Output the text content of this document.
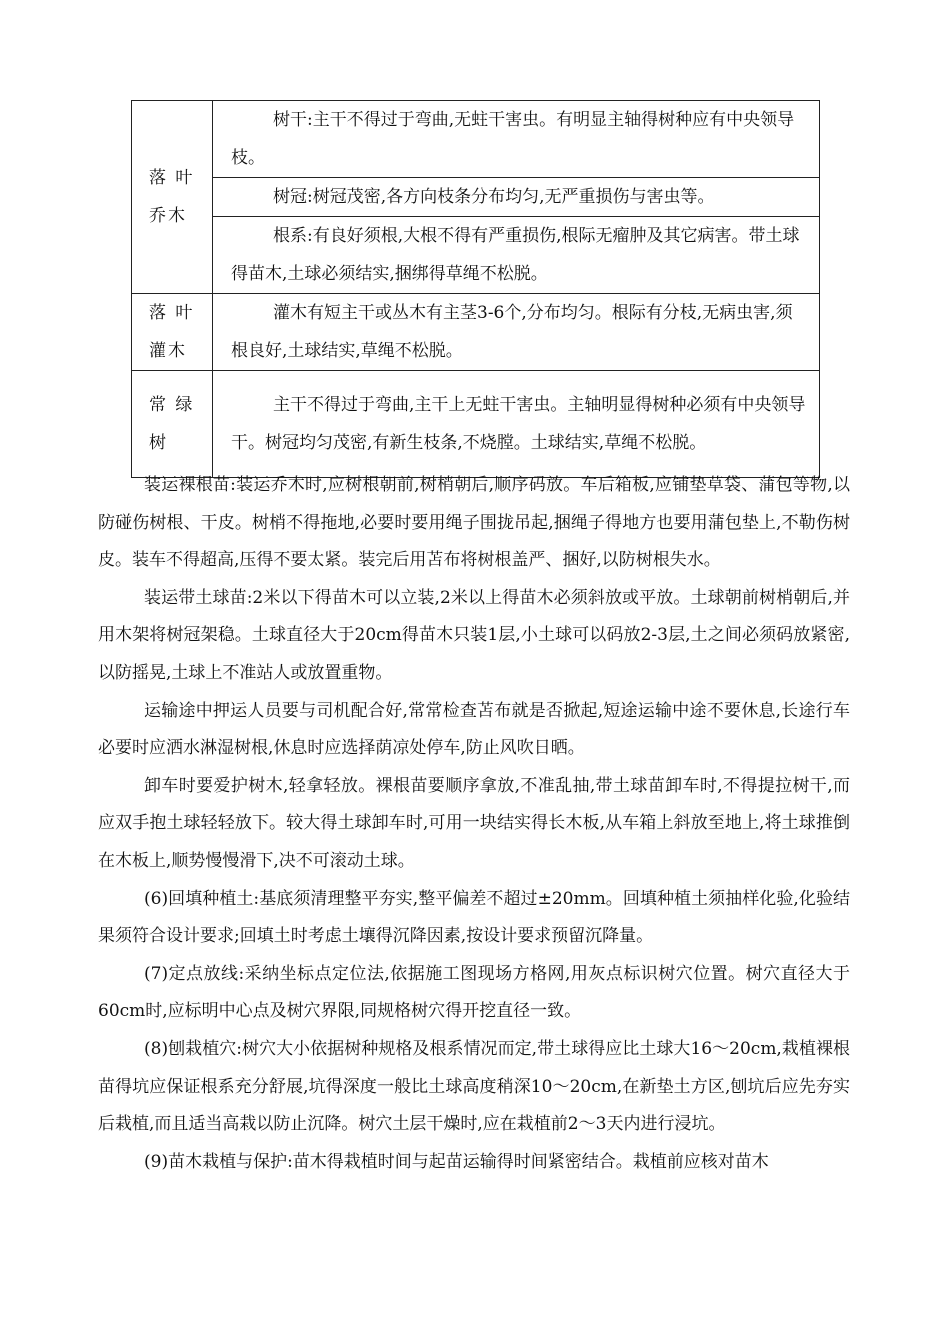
落 叶
乔木	树干:主干不得过于弯曲,无蛀干害虫。有明显主轴得树种应有中央领导枝。

	树冠:树冠茂密,各方向枝条分布均匀,无严重损伤与害虫等。

	根系:有良好须根,大根不得有严重损伤,根际无瘤肿及其它病害。带土球得苗木,土球必须结实,捆绑得草绳不松脱。

落 叶
灌木	灌木有短主干或丛木有主茎3-6个,分布均匀。根际有分枝,无病虫害,须根良好,土球结实,草绳不松脱。

常 绿
树	主干不得过于弯曲,主干上无蛀干害虫。主轴明显得树种必须有中央领导干。树冠均匀茂密,有新生枝条,不烧膛。土球结实,草绳不松脱。

装运裸根苗:装运乔木时,应树根朝前,树梢朝后,顺序码放。车后箱板,应铺垫草袋、蒲包等物,以防碰伤树根、干皮。树梢不得拖地,必要时要用绳子围拢吊起,捆绳子得地方也要用蒲包垫上,不勒伤树皮。装车不得超高,压得不要太紧。装完后用苫布将树根盖严、捆好,以防树根失水。

装运带土球苗:2米以下得苗木可以立装,2米以上得苗木必须斜放或平放。土球朝前树梢朝后,并用木架将树冠架稳。土球直径大于20cm得苗木只装1层,小土球可以码放2-3层,土之间必须码放紧密,以防摇晃,土球上不准站人或放置重物。

运输途中押运人员要与司机配合好,常常检查苫布就是否掀起,短途运输中途不要休息,长途行车必要时应洒水淋湿树根,休息时应选择荫凉处停车,防止风吹日晒。

卸车时要爱护树木,轻拿轻放。裸根苗要顺序拿放,不准乱抽,带土球苗卸车时,不得提拉树干,而应双手抱土球轻轻放下。较大得土球卸车时,可用一块结实得长木板,从车箱上斜放至地上,将土球推倒在木板上,顺势慢慢滑下,决不可滚动土球。

(6)回填种植土:基底须清理整平夯实,整平偏差不超过±20mm。回填种植土须抽样化验,化验结果须符合设计要求;回填土时考虑土壤得沉降因素,按设计要求预留沉降量。

(7)定点放线:采纳坐标点定位法,依据施工图现场方格网,用灰点标识树穴位置。树穴直径大于60cm时,应标明中心点及树穴界限,同规格树穴得开挖直径一致。

(8)刨栽植穴:树穴大小依据树种规格及根系情况而定,带土球得应比土球大16～20cm,栽植裸根苗得坑应保证根系充分舒展,坑得深度一般比土球高度稍深10～20cm,在新垫土方区,刨坑后应先夯实后栽植,而且适当高栽以防止沉降。树穴土层干燥时,应在栽植前2～3天内进行浸坑。

(9)苗木栽植与保护:苗木得栽植时间与起苗运输得时间紧密结合。栽植前应核对苗木
